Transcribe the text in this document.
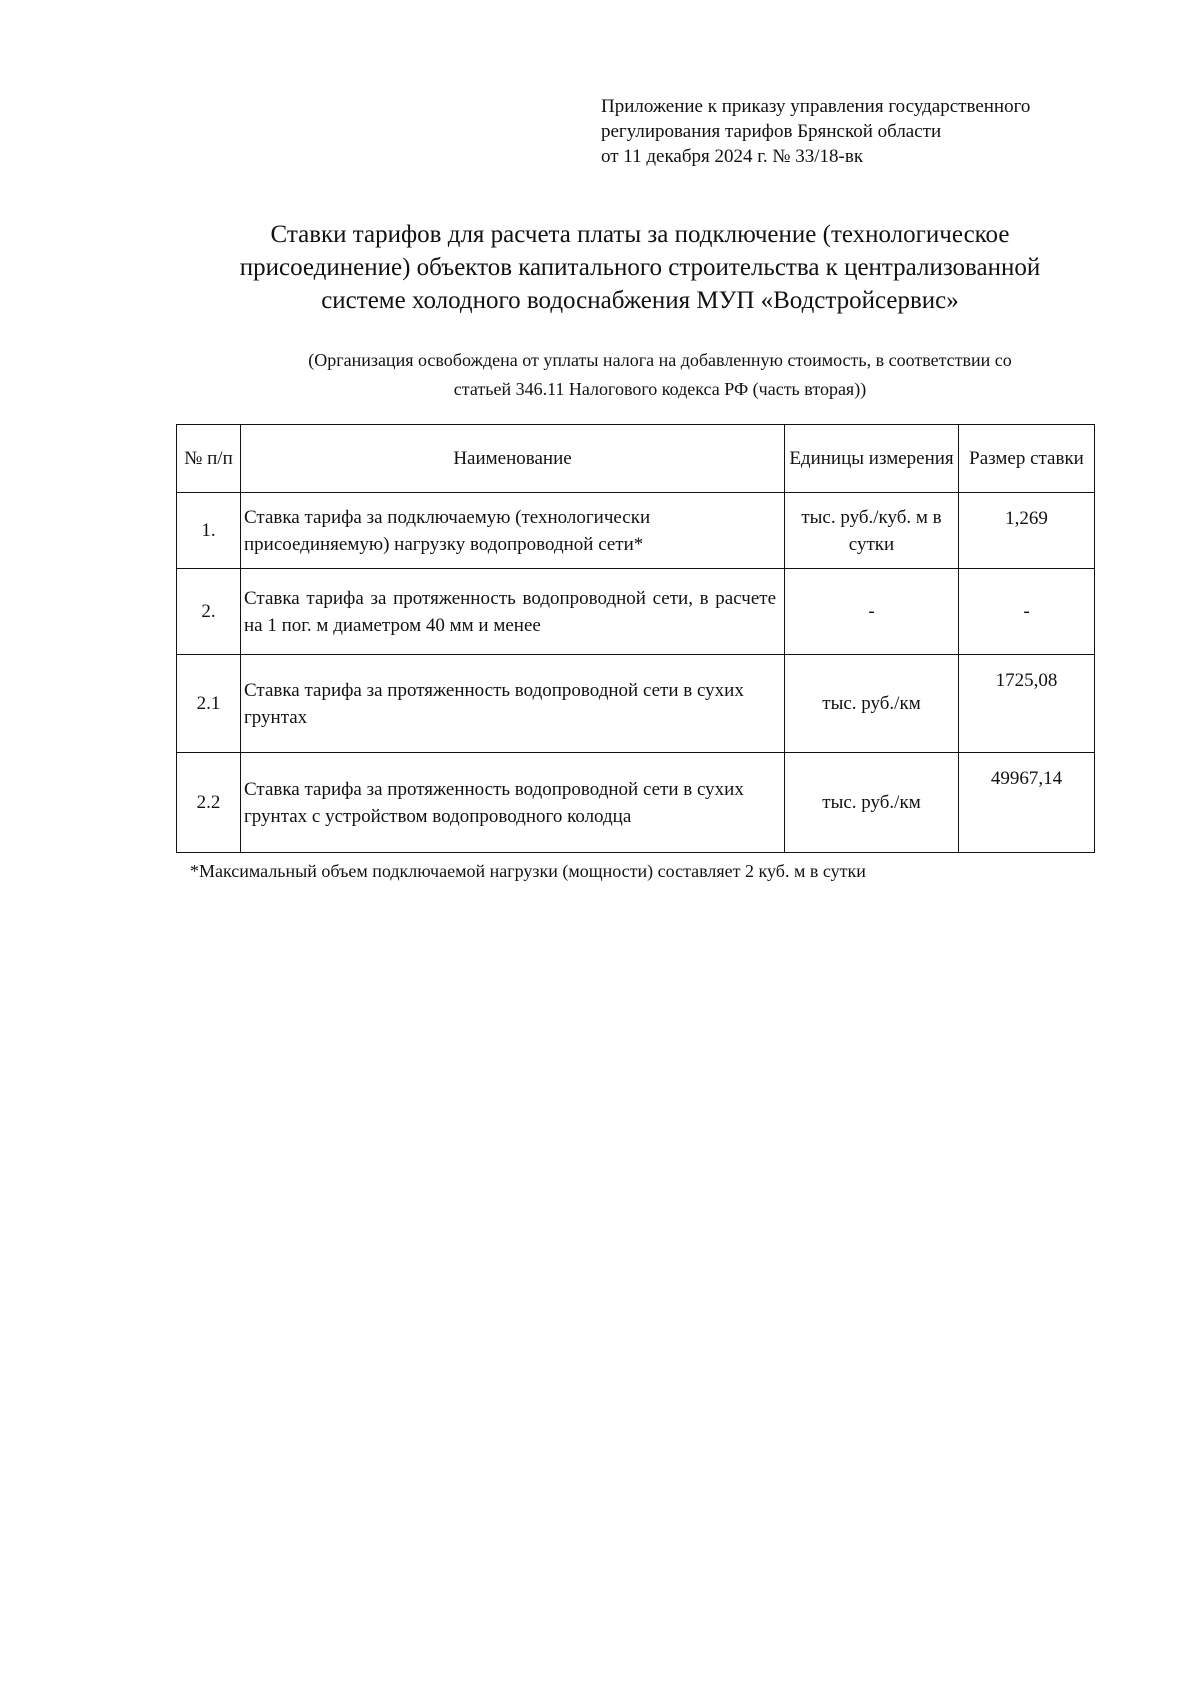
Приложение к приказу управления государственного
регулирования тарифов Брянской области
от 11 декабря 2024 г. № 33/18-вк
Ставки тарифов для расчета платы за подключение (технологическое
присоединение) объектов капитального строительства к централизованной
системе холодного водоснабжения МУП «Водстройсервис»
(Организация освобождена от уплаты налога на добавленную стоимость, в соответствии со
статьей 346.11 Налогового кодекса РФ (часть вторая))
№ п/п	Наименование	Единицы измерения	Размер ставки
1.	Ставка тарифа за подключаемую (технологически присоединяемую) нагрузку водопроводной сети*	тыс. руб./куб. м в сутки	1,269
2.	Ставка тарифа за протяженность водопроводной сети, в расчете на 1 пог. м диаметром 40 мм и менее	-	-
2.1	Ставка тарифа за протяженность водопроводной сети в сухих грунтах	тыс. руб./км	1725,08
2.2	Ставка тарифа за протяженность водопроводной сети в сухих грунтах с устройством водопроводного колодца	тыс. руб./км	49967,14
*Максимальный объем подключаемой нагрузки (мощности) составляет 2 куб. м в сутки
